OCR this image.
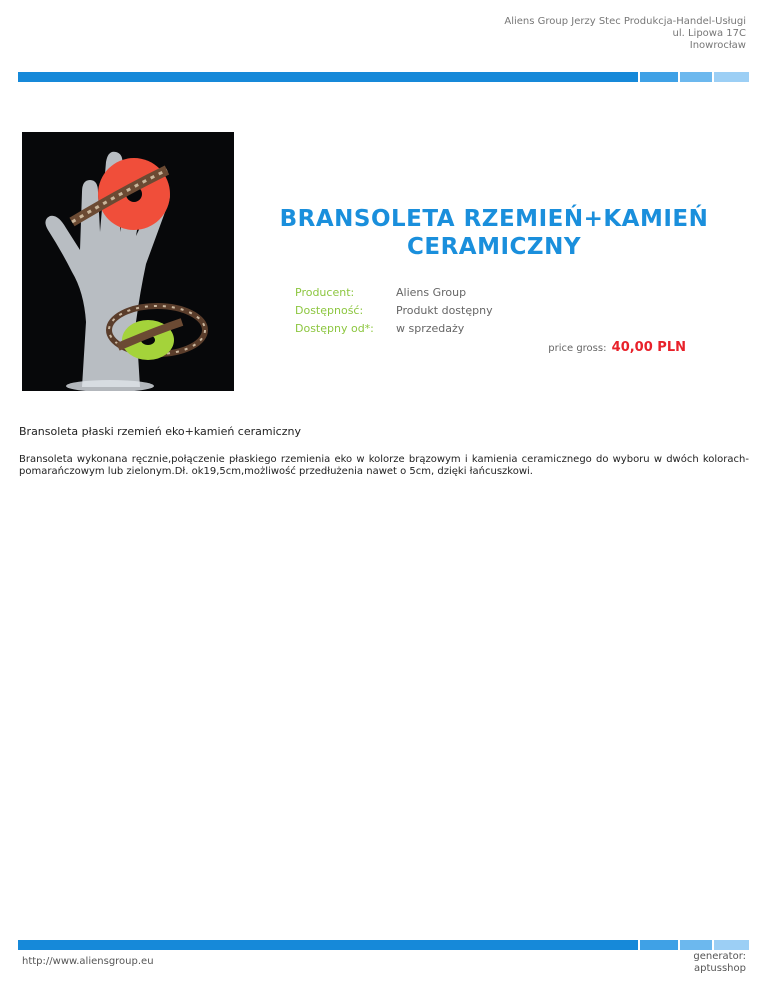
Aliens Group Jerzy Stec Produkcja-Handel-Usługi
ul. Lipowa 17C
Inowrocław
BRANSOLETA RZEMIEŃ+KAMIEŃ
CERAMICZNY
Producent:	Aliens Group
Dostępność:	Produkt dostępny
Dostępny od*:	w sprzedaży
price gross: 40,00 PLN
Bransoleta płaski rzemień eko+kamień ceramiczny
Bransoleta wykonana ręcznie,połączenie płaskiego rzemienia eko w kolorze brązowym i kamienia ceramicznego do wyboru w dwóch kolorach- pomarańczowym lub zielonym.Dł. ok19,5cm,możliwość przedłużenia nawet o 5cm, dzięki łańcuszkowi.
http://www.aliensgroup.eu	generator:
aptusshop
